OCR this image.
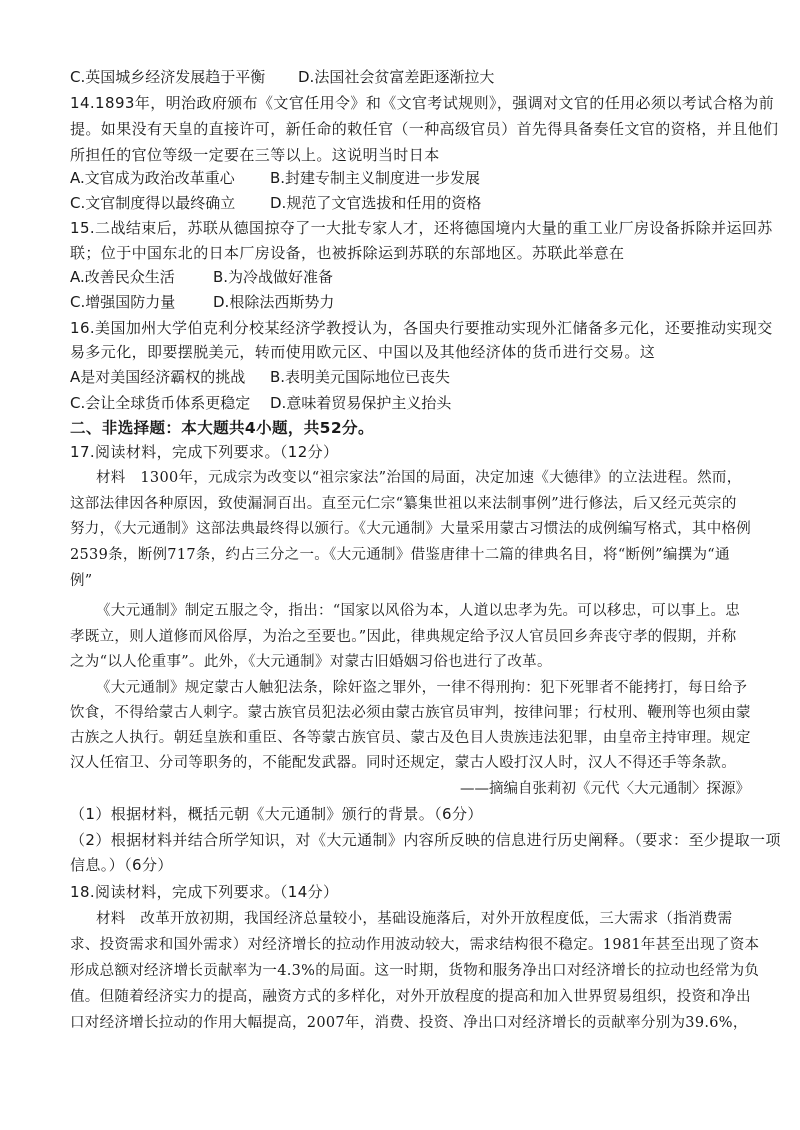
C.英国城乡经济发展趋于平衡 D.法国社会贫富差距逐渐拉大
14.1893年，明治政府颁布《文官任用令》和《文官考试规则》，强调对文官的任用必须以考试合格为前
提。如果没有天皇的直接许可，新任命的敕任官（一种高级官员）首先得具备奏任文官的资格，并且他们
所担任的官位等级一定要在三等以上。这说明当时日本
A.文官成为政治改革重心 B.封建专制主义制度进一步发展
C.文官制度得以最终确立 D.规范了文官选拔和任用的资格
15.二战结束后，苏联从德国掠夺了一大批专家人才，还将德国境内大量的重工业厂房设备拆除并运回苏
联；位于中国东北的日本厂房设备，也被拆除运到苏联的东部地区。苏联此举意在
A.改善民众生活	B.为冷战做好准备
C.增强国防力量	D.根除法西斯势力
16.美国加州大学伯克利分校某经济学教授认为，各国央行要推动实现外汇储备多元化，还要推动实现交
易多元化，即要摆脱美元，转而使用欧元区、中国以及其他经济体的货币进行交易。这
A是对美国经济霸权的挑战 B.表明美元国际地位已丧失
C.会让全球货币体系更稳定 D.意味着贸易保护主义抬头
二、非选择题：本大题共4小题，共52分。
17.阅读材料，完成下列要求。（12分）
材料　1300年，元成宗为改变以“祖宗家法”治国的局面，决定加速《大德律》的立法进程。然而，
这部法律因各种原因，致使漏洞百出。直至元仁宗“纂集世祖以来法制事例”进行修法，后又经元英宗的
努力，《大元通制》这部法典最终得以颁行。《大元通制》大量采用蒙古习惯法的成例编写格式，其中格例
2539条，断例717条，约占三分之一。《大元通制》借鉴唐律十二篇的律典名目，将“断例”编撰为“通
例”
《大元通制》制定五服之令，指出：“国家以风俗为本，人道以忠孝为先。可以移忠，可以事上。忠
孝既立，则人道修而风俗厚，为治之至要也。”因此，律典规定给予汉人官员回乡奔丧守孝的假期，并称
之为“以人伦重事”。此外，《大元通制》对蒙古旧婚姻习俗也进行了改革。
《大元通制》规定蒙古人触犯法条，除奸盗之罪外，一律不得刑拘：犯下死罪者不能拷打，每日给予
饮食，不得给蒙古人刺字。蒙古族官员犯法必须由蒙古族官员审判，按律问罪；行杖刑、鞭刑等也须由蒙
古族之人执行。朝廷皇族和重臣、各等蒙古族官员、蒙古及色目人贵族违法犯罪，由皇帝主持审理。规定
汉人任宿卫、分司等职务的，不能配发武器。同时还规定，蒙古人殴打汉人时，汉人不得还手等条款。
——摘编自张莉初《元代〈大元通制〉探源》
（1）根据材料，概括元朝《大元通制》颁行的背景。（6分）
（2）根据材料并结合所学知识，对《大元通制》内容所反映的信息进行历史阐释。（要求：至少提取一项
信息。）（6分）
18.阅读材料，完成下列要求。（14分）
材料　改革开放初期，我国经济总量较小，基础设施落后，对外开放程度低，三大需求（指消费需
求、投资需求和国外需求）对经济增长的拉动作用波动较大，需求结构很不稳定。1981年甚至出现了资本
形成总额对经济增长贡献率为一4.3%的局面。这一时期，货物和服务净出口对经济增长的拉动也经常为负
值。但随着经济实力的提高，融资方式的多样化，对外开放程度的提高和加入世界贸易组织，投资和净出
口对经济增长拉动的作用大幅提高，2007年，消费、投资、净出口对经济增长的贡献率分别为39.6%，
